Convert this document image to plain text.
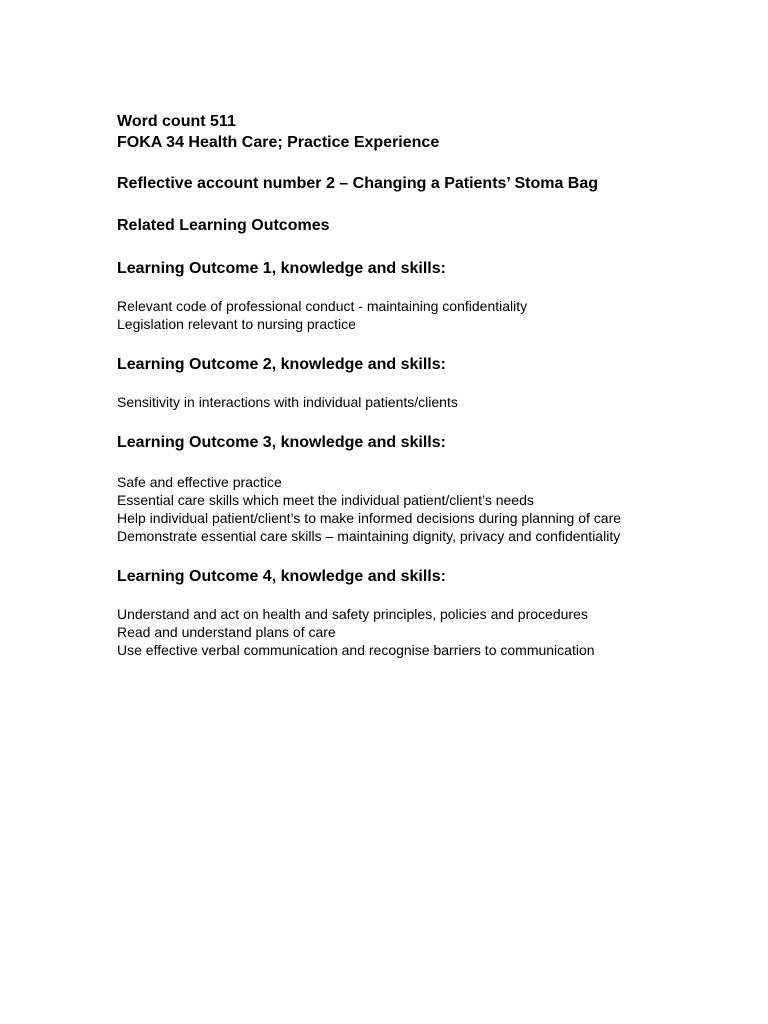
Word count 511

FOKA 34 Health Care; Practice Experience

Reflective account number 2 – Changing a Patients’ Stoma Bag

Related Learning Outcomes

Learning Outcome 1, knowledge and skills:

Relevant code of professional conduct - maintaining confidentiality
Legislation relevant to nursing practice

Learning Outcome 2, knowledge and skills:

Sensitivity in interactions with individual patients/clients

Learning Outcome 3, knowledge and skills:

Safe and effective practice
Essential care skills which meet the individual patient/client’s needs
Help individual patient/client’s to make informed decisions during planning of care
Demonstrate essential care skills – maintaining dignity, privacy and confidentiality

Learning Outcome 4, knowledge and skills:

Understand and act on health and safety principles, policies and procedures
Read and understand plans of care
Use effective verbal communication and recognise barriers to communication
